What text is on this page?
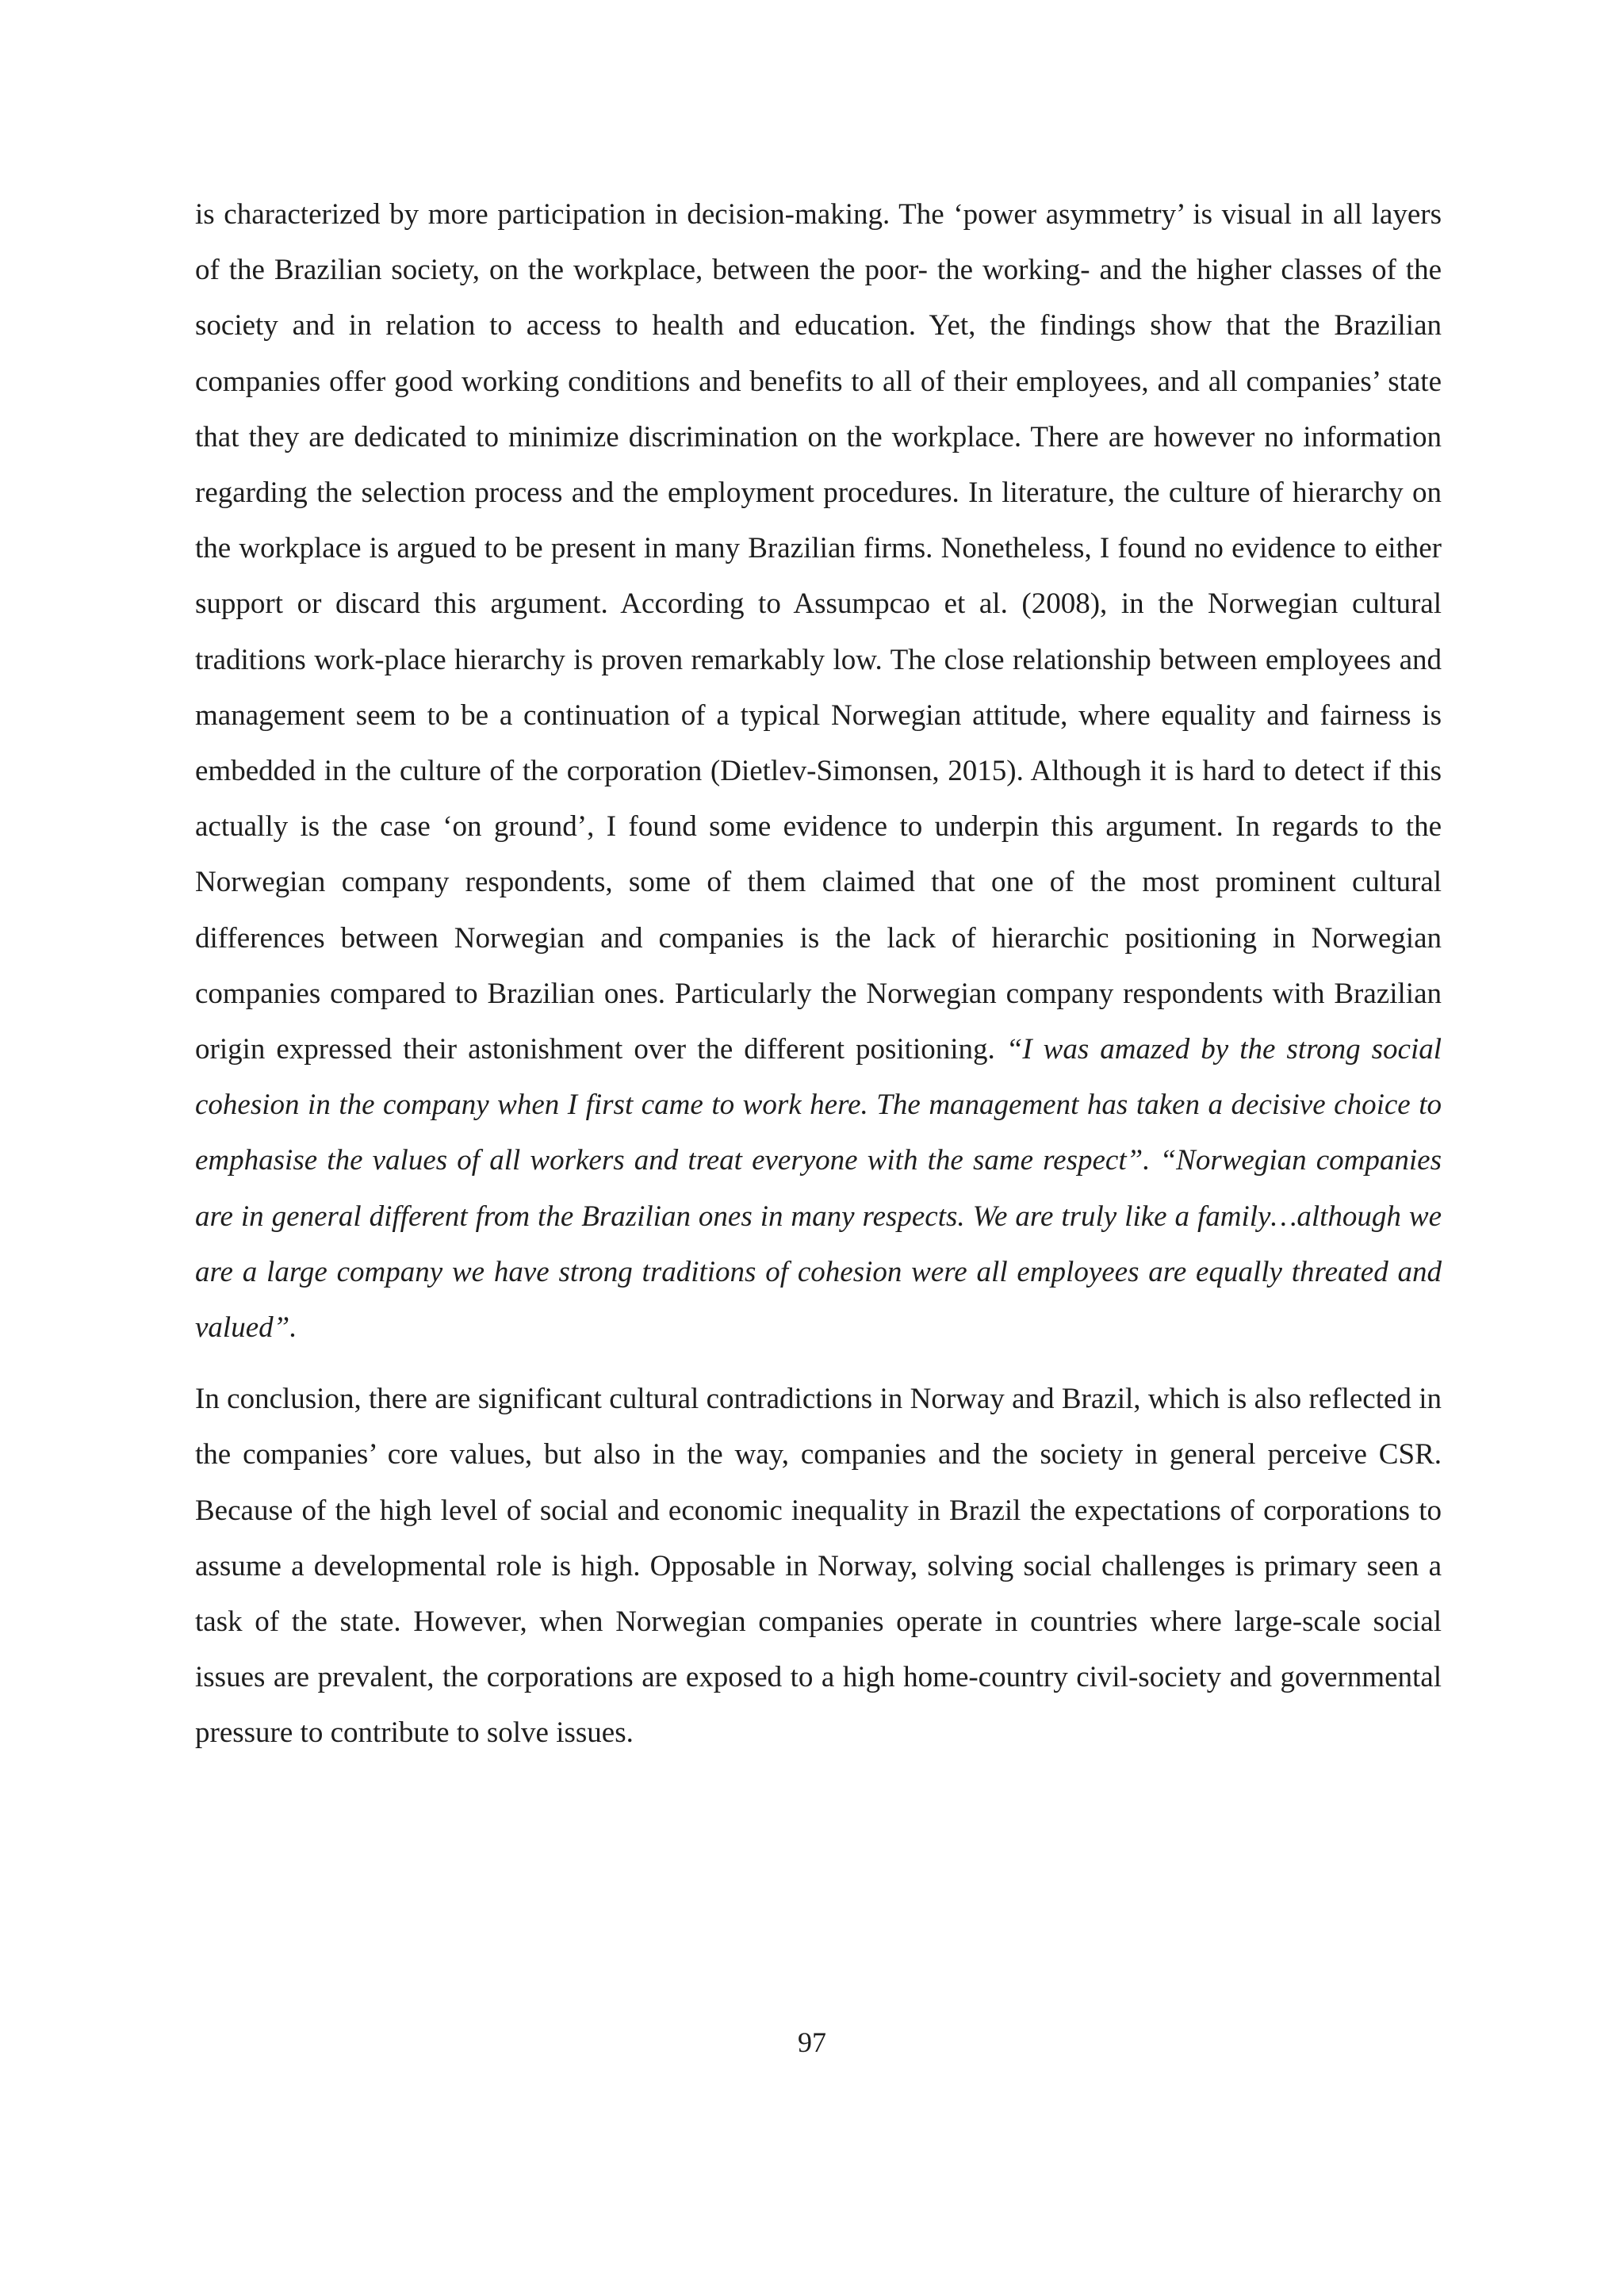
is characterized by more participation in decision-making. The ‘power asymmetry’ is visual in all layers of the Brazilian society, on the workplace, between the poor- the working- and the higher classes of the society and in relation to access to health and education. Yet, the findings show that the Brazilian companies offer good working conditions and benefits to all of their employees, and all companies’ state that they are dedicated to minimize discrimination on the workplace. There are however no information regarding the selection process and the employment procedures. In literature, the culture of hierarchy on the workplace is argued to be present in many Brazilian firms. Nonetheless, I found no evidence to either support or discard this argument. According to Assumpcao et al. (2008), in the Norwegian cultural traditions work-place hierarchy is proven remarkably low. The close relationship between employees and management seem to be a continuation of a typical Norwegian attitude, where equality and fairness is embedded in the culture of the corporation (Dietlev-Simonsen, 2015). Although it is hard to detect if this actually is the case ‘on ground’, I found some evidence to underpin this argument. In regards to the Norwegian company respondents, some of them claimed that one of the most prominent cultural differences between Norwegian and companies is the lack of hierarchic positioning in Norwegian companies compared to Brazilian ones. Particularly the Norwegian company respondents with Brazilian origin expressed their astonishment over the different positioning. “I was amazed by the strong social cohesion in the company when I first came to work here. The management has taken a decisive choice to emphasise the values of all workers and treat everyone with the same respect”. “Norwegian companies are in general different from the Brazilian ones in many respects. We are truly like a family…although we are a large company we have strong traditions of cohesion were all employees are equally threated and valued”.

In conclusion, there are significant cultural contradictions in Norway and Brazil, which is also reflected in the companies’ core values, but also in the way, companies and the society in general perceive CSR. Because of the high level of social and economic inequality in Brazil the expectations of corporations to assume a developmental role is high. Opposable in Norway, solving social challenges is primary seen a task of the state. However, when Norwegian companies operate in countries where large-scale social issues are prevalent, the corporations are exposed to a high home-country civil-society and governmental pressure to contribute to solve issues.

97
